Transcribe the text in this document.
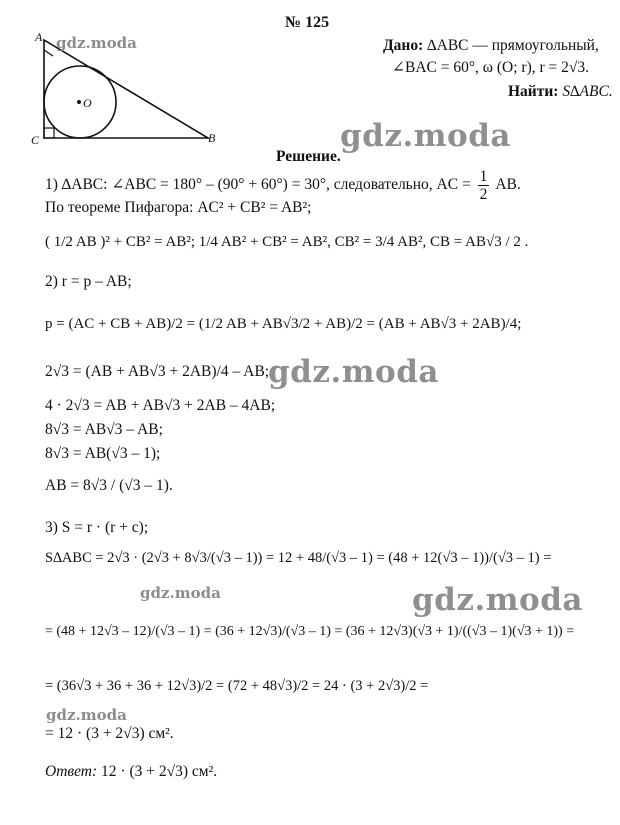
№ 125
A
C	B
O
gdz.moda	Дано: ∆ABC — прямоугольный,
∠BAC = 60°, ω (O; r), r = 2√3.
Найти: S∆ABC.
gdz.moda
Решение.
1) ∆ABC: ∠ABC = 180° – (90° + 60°) = 30°, следовательно, AC = $\frac{1}{2}$ AB.
По теореме Пифагора: AC² + CB² = AB²;
( 1/2 AB )² + CB² = AB²; 1/4 AB² + CB² = AB², CB² = 3/4 AB², CB = AB√3 / 2 .
2) r = p – AB;
p = (AC + CB + AB)/2 = (1/2 AB + AB√3/2 + AB)/2 = (AB + AB√3 + 2AB)/4;
gdz.moda
2√3 = (AB + AB√3 + 2AB)/4 – AB;
4 · 2√3 = AB + AB√3 + 2AB – 4AB;
8√3 = AB√3 – AB;
8√3 = AB(√3 – 1);
AB = 8√3 / (√3 – 1).
3) S = r · (r + c);
S∆ABC = 2√3 · (2√3 + 8√3/(√3 – 1)) = 12 + 48/(√3 – 1) = (48 + 12(√3 – 1))/(√3 – 1) =
gdz.moda	gdz.moda
= (48 + 12√3 – 12)/(√3 – 1) = (36 + 12√3)/(√3 – 1) = (36 + 12√3)(√3 + 1)/((√3 – 1)(√3 + 1)) =
= (36√3 + 36 + 36 + 12√3)/2 = (72 + 48√3)/2 = 24 · (3 + 2√3)/2 =
gdz.moda
= 12 · (3 + 2√3) см².
Ответ: 12 · (3 + 2√3) см².
